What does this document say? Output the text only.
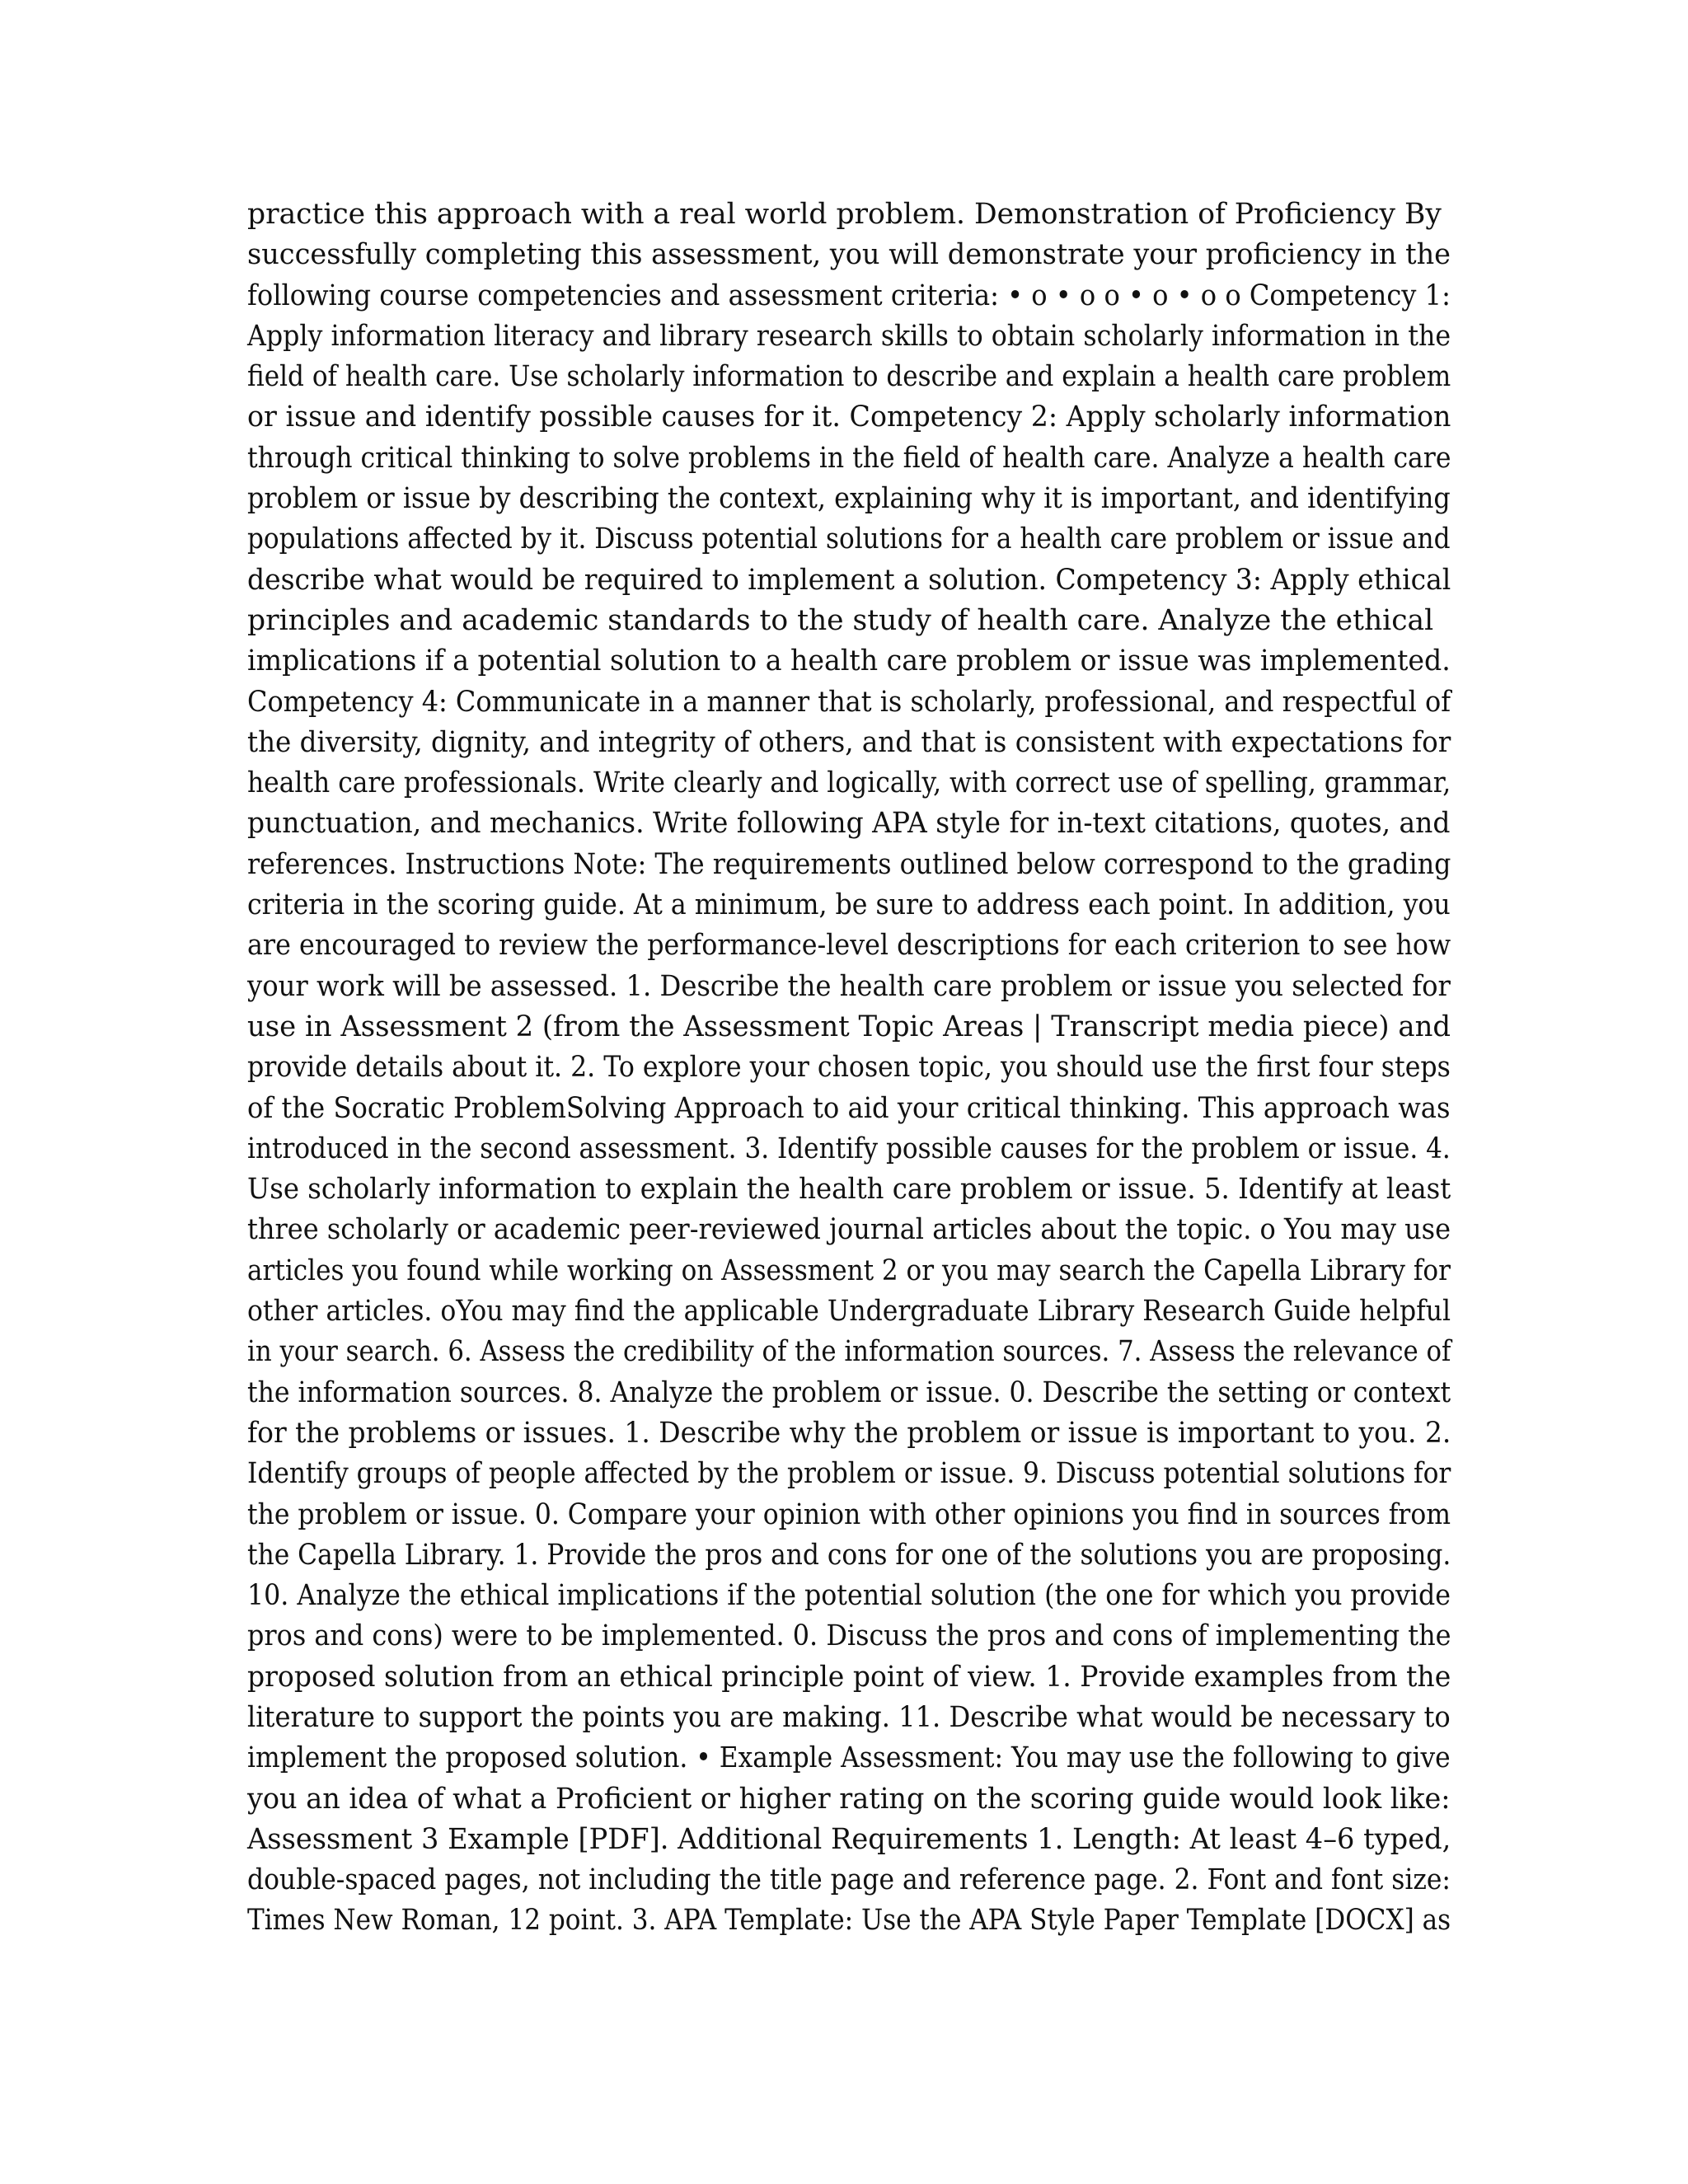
practice this approach with a real world problem. Demonstration of Proficiency By
successfully completing this assessment, you will demonstrate your proficiency in the
following course competencies and assessment criteria: • o • o o • o • o o Competency 1:
Apply information literacy and library research skills to obtain scholarly information in the
field of health care. Use scholarly information to describe and explain a health care problem
or issue and identify possible causes for it. Competency 2: Apply scholarly information
through critical thinking to solve problems in the field of health care. Analyze a health care
problem or issue by describing the context, explaining why it is important, and identifying
populations affected by it. Discuss potential solutions for a health care problem or issue and
describe what would be required to implement a solution. Competency 3: Apply ethical
principles and academic standards to the study of health care. Analyze the ethical
implications if a potential solution to a health care problem or issue was implemented.
Competency 4: Communicate in a manner that is scholarly, professional, and respectful of
the diversity, dignity, and integrity of others, and that is consistent with expectations for
health care professionals. Write clearly and logically, with correct use of spelling, grammar,
punctuation, and mechanics. Write following APA style for in-text citations, quotes, and
references. Instructions Note: The requirements outlined below correspond to the grading
criteria in the scoring guide. At a minimum, be sure to address each point. In addition, you
are encouraged to review the performance-level descriptions for each criterion to see how
your work will be assessed. 1. Describe the health care problem or issue you selected for
use in Assessment 2 (from the Assessment Topic Areas | Transcript media piece) and
provide details about it. 2. To explore your chosen topic, you should use the first four steps
of the Socratic ProblemSolving Approach to aid your critical thinking. This approach was
introduced in the second assessment. 3. Identify possible causes for the problem or issue. 4.
Use scholarly information to explain the health care problem or issue. 5. Identify at least
three scholarly or academic peer-reviewed journal articles about the topic. o You may use
articles you found while working on Assessment 2 or you may search the Capella Library for
other articles. oYou may find the applicable Undergraduate Library Research Guide helpful
in your search. 6. Assess the credibility of the information sources. 7. Assess the relevance of
the information sources. 8. Analyze the problem or issue. 0. Describe the setting or context
for the problems or issues. 1. Describe why the problem or issue is important to you. 2.
Identify groups of people affected by the problem or issue. 9. Discuss potential solutions for
the problem or issue. 0. Compare your opinion with other opinions you find in sources from
the Capella Library. 1. Provide the pros and cons for one of the solutions you are proposing.
10. Analyze the ethical implications if the potential solution (the one for which you provide
pros and cons) were to be implemented. 0. Discuss the pros and cons of implementing the
proposed solution from an ethical principle point of view. 1. Provide examples from the
literature to support the points you are making. 11. Describe what would be necessary to
implement the proposed solution. • Example Assessment: You may use the following to give
you an idea of what a Proficient or higher rating on the scoring guide would look like:
Assessment 3 Example [PDF]. Additional Requirements 1. Length: At least 4–6 typed,
double-spaced pages, not including the title page and reference page. 2. Font and font size:
Times New Roman, 12 point. 3. APA Template: Use the APA Style Paper Template [DOCX] as
